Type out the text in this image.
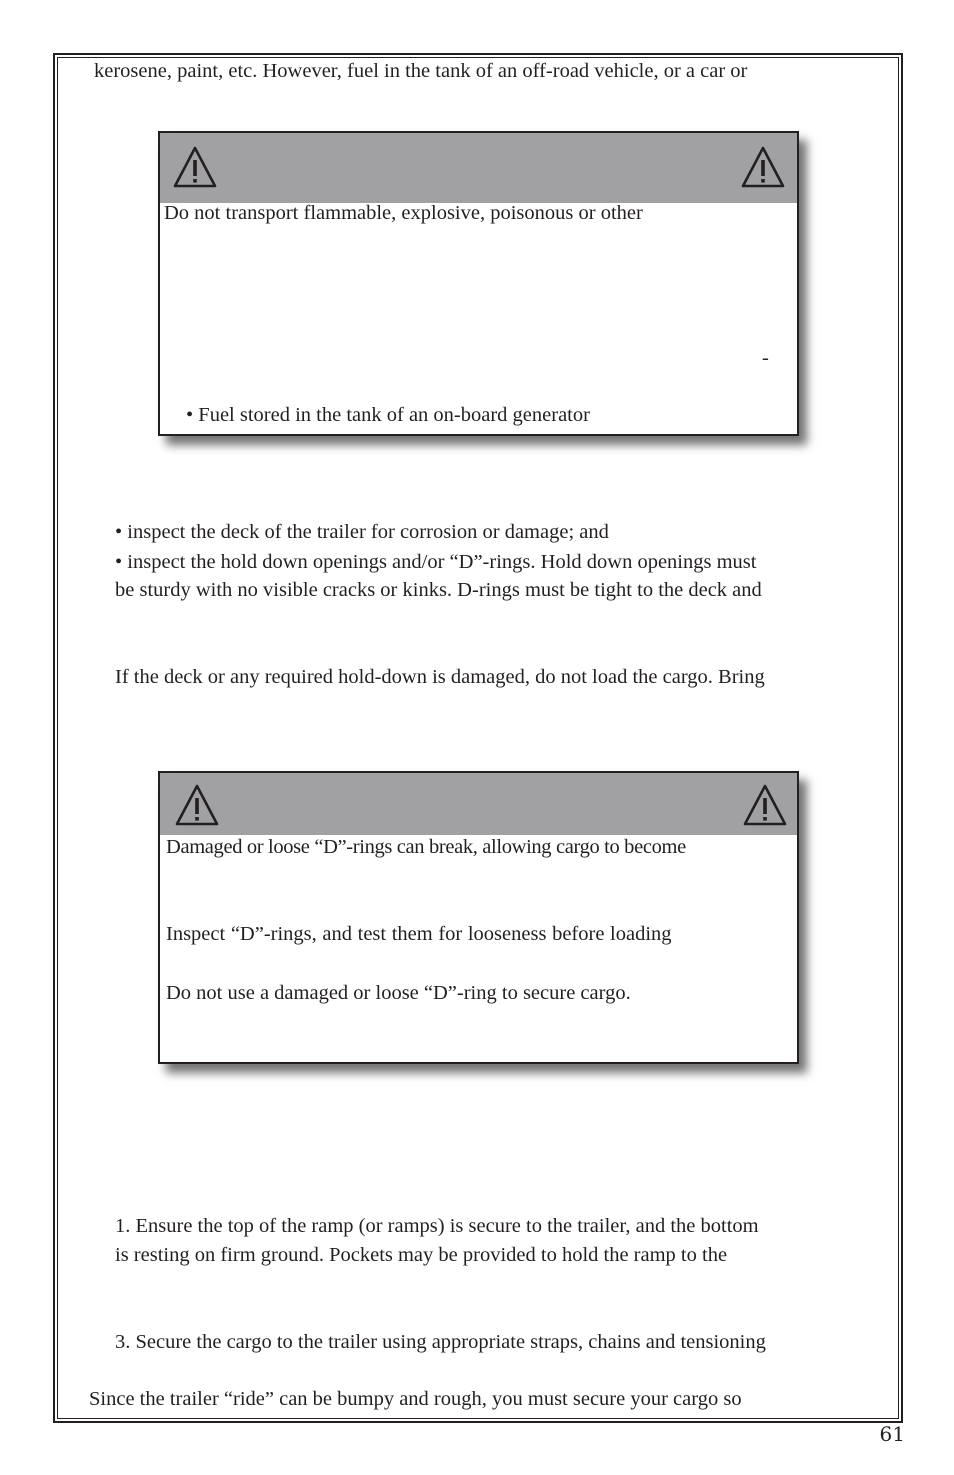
kerosene, paint, etc. However, fuel in the tank of an off-road vehicle, or a car or
Do not transport flammable, explosive, poisonous or other
-
• Fuel stored in the tank of an on-board generator
• inspect the deck of the trailer for corrosion or damage; and
• inspect the hold down openings and/or “D”-rings. Hold down openings must
be sturdy with no visible cracks or kinks. D-rings must be tight to the deck and
If the deck or any required hold-down is damaged, do not load the cargo. Bring
Damaged or loose “D”-rings can break, allowing cargo to become
Inspect “D”-rings, and test them for looseness before loading
Do not use a damaged or loose “D”-ring to secure cargo.
1. Ensure the top of the ramp (or ramps) is secure to the trailer, and the bottom
is resting on firm ground. Pockets may be provided to hold the ramp to the
3. Secure the cargo to the trailer using appropriate straps, chains and tensioning
Since the trailer “ride” can be bumpy and rough, you must secure your cargo so
61
